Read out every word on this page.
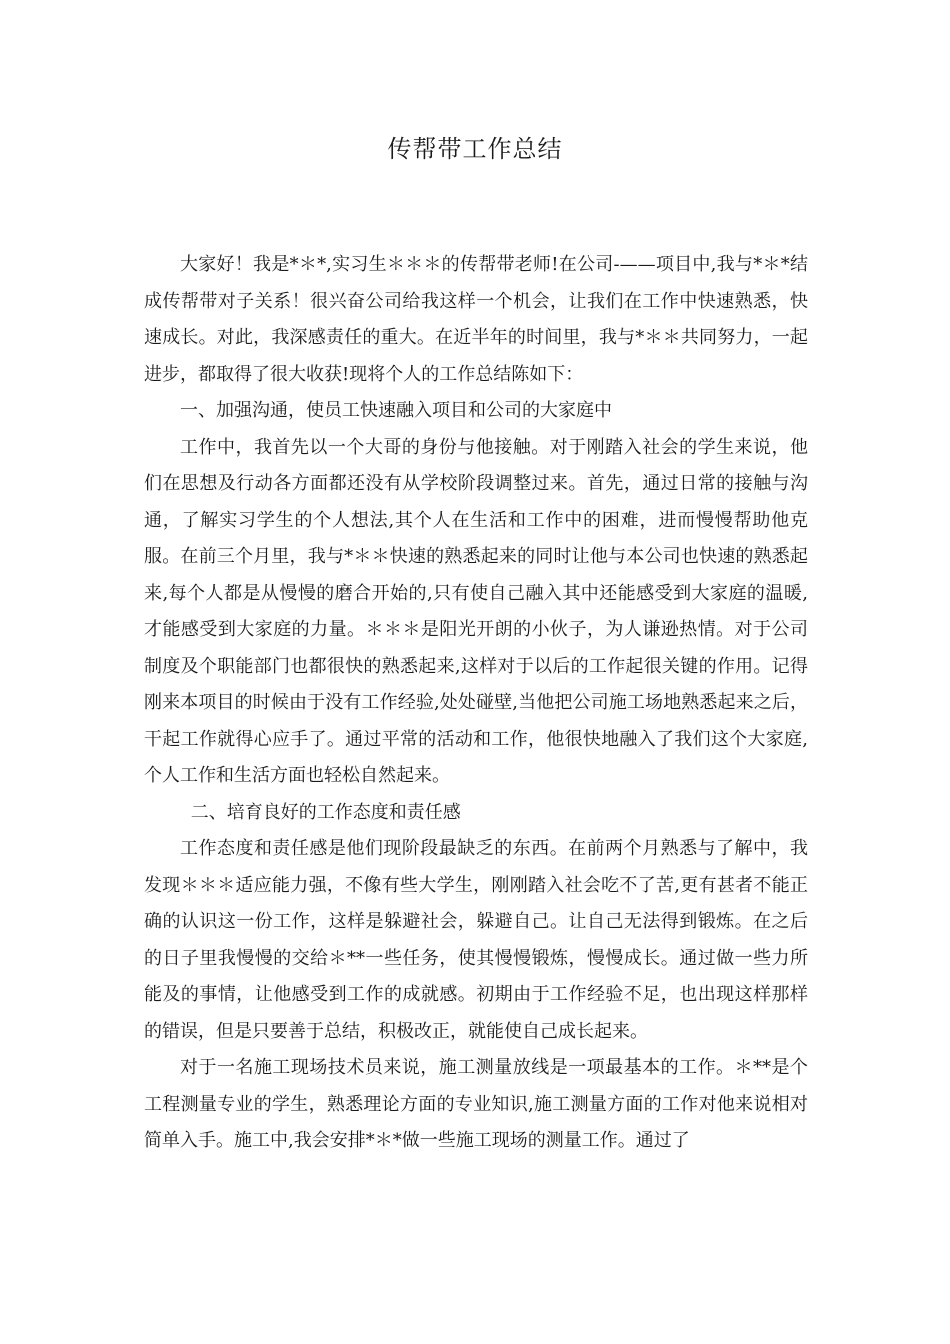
传帮带工作总结

大家好！我是*＊*,实习生＊＊＊的传帮带老师!在公司-——项目中,我与*＊*结成传帮带对子关系！很兴奋公司给我这样一个机会，让我们在工作中快速熟悉，快速成长。对此，我深感责任的重大。在近半年的时间里，我与*＊＊共同努力，一起进步，都取得了很大收获!现将个人的工作总结陈如下：

一、加强沟通，使员工快速融入项目和公司的大家庭中

工作中，我首先以一个大哥的身份与他接触。对于刚踏入社会的学生来说，他们在思想及行动各方面都还没有从学校阶段调整过来。首先，通过日常的接触与沟通，了解实习学生的个人想法,其个人在生活和工作中的困难，进而慢慢帮助他克服。在前三个月里，我与*＊＊快速的熟悉起来的同时让他与本公司也快速的熟悉起来,每个人都是从慢慢的磨合开始的,只有使自己融入其中还能感受到大家庭的温暖,才能感受到大家庭的力量。＊＊＊是阳光开朗的小伙子，为人谦逊热情。对于公司制度及个职能部门也都很快的熟悉起来,这样对于以后的工作起很关键的作用。记得刚来本项目的时候由于没有工作经验,处处碰壁,当他把公司施工场地熟悉起来之后，干起工作就得心应手了。通过平常的活动和工作，他很快地融入了我们这个大家庭,个人工作和生活方面也轻松自然起来。

二、培育良好的工作态度和责任感

工作态度和责任感是他们现阶段最缺乏的东西。在前两个月熟悉与了解中，我发现＊＊＊适应能力强，不像有些大学生，刚刚踏入社会吃不了苦,更有甚者不能正确的认识这一份工作，这样是躲避社会，躲避自己。让自己无法得到锻炼。在之后的日子里我慢慢的交给＊**一些任务，使其慢慢锻炼，慢慢成长。通过做一些力所能及的事情，让他感受到工作的成就感。初期由于工作经验不足，也出现这样那样的错误，但是只要善于总结，积极改正，就能使自己成长起来。

对于一名施工现场技术员来说，施工测量放线是一项最基本的工作。＊**是个工程测量专业的学生，熟悉理论方面的专业知识,施工测量方面的工作对他来说相对简单入手。施工中,我会安排*＊*做一些施工现场的测量工作。通过了
